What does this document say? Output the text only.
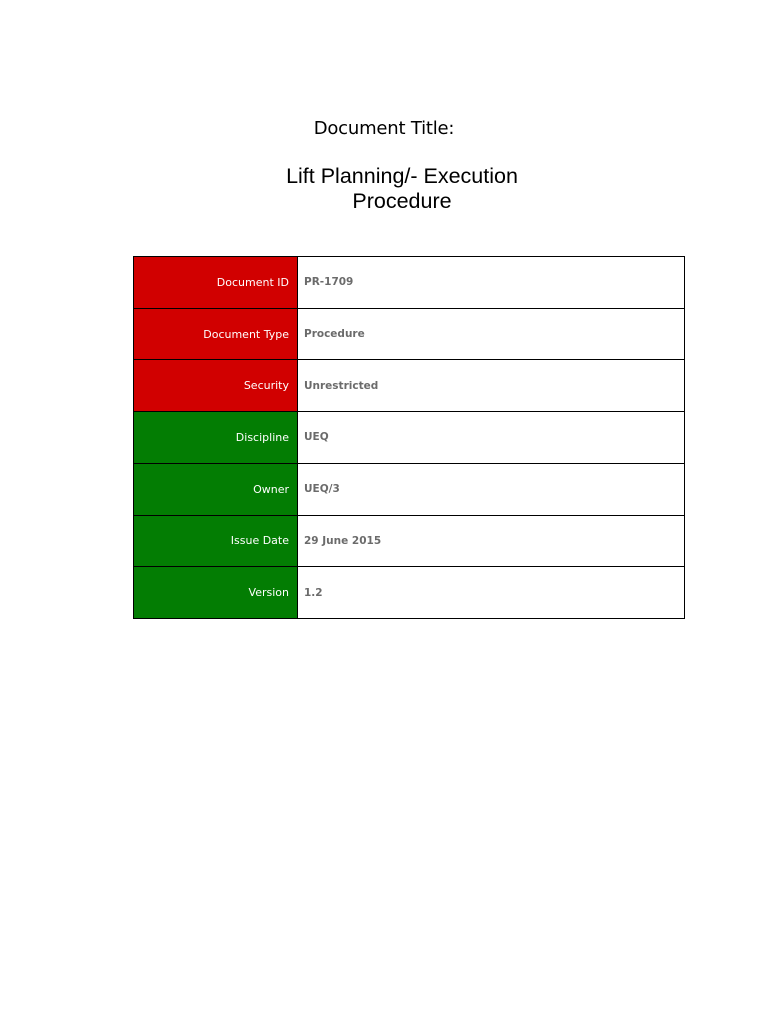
Document Title:
Lift Planning/- Execution
Procedure
Document ID	PR-1709
Document Type	Procedure
Security	Unrestricted
Discipline	UEQ
Owner	UEQ/3
Issue Date	29 June 2015
Version	1.2
